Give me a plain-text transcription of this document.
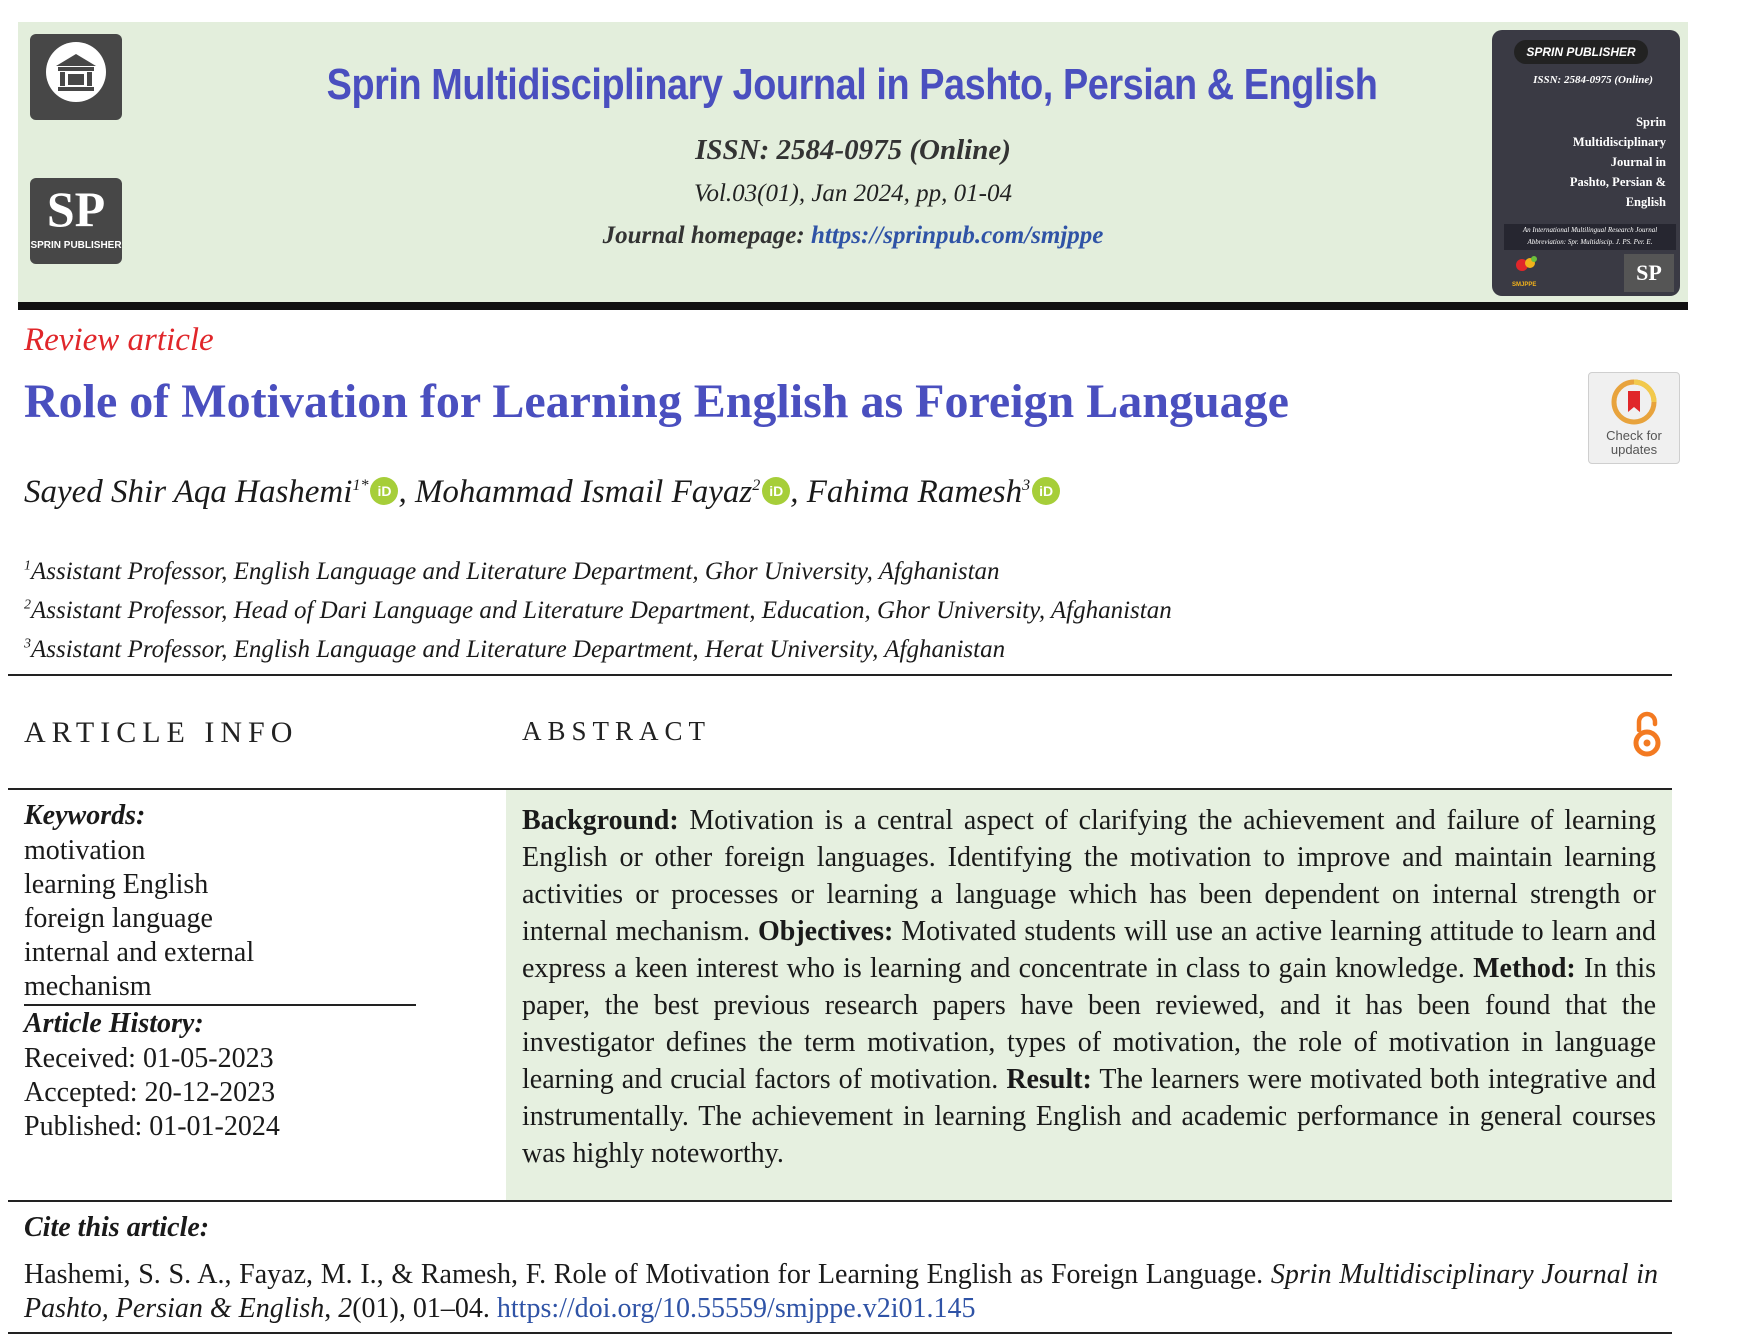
SP
SPRIN PUBLISHER
Sprin Multidisciplinary Journal in Pashto, Persian & English
ISSN: 2584-0975 (Online)
Vol.03(01), Jan 2024, pp, 01-04
Journal homepage: https://sprinpub.com/smjppe
SPRIN PUBLISHER
ISSN: 2584-0975 (Online)
Sprin
Multidisciplinary
Journal in
Pashto, Persian &
English
An International Multilingual Research Journal
Abbreviation: Spr. Multidiscip. J. PS. Per. E.
SMJPPE	SP
Review article
Role of Motivation for Learning English as Foreign Language
Check for updates
Sayed Shir Aqa Hashemi$^{1*}$ iD , Mohammad Ismail Fayaz$^2$ iD , Fahima Ramesh$^3$ iD
$^1$Assistant Professor, English Language and Literature Department, Ghor University, Afghanistan
$^2$Assistant Professor, Head of Dari Language and Literature Department, Education, Ghor University, Afghanistan
$^3$Assistant Professor, English Language and Literature Department, Herat University, Afghanistan
ARTICLE INFO	ABSTRACT
Keywords:
motivation
learning English
foreign language
internal and external mechanism
Article History:
Received: 01-05-2023
Accepted: 20-12-2023
Published: 01-01-2024
Background: Motivation is a central aspect of clarifying the achievement and failure of learning English or other foreign languages. Identifying the motivation to improve and maintain learning activities or processes or learning a language which has been dependent on internal strength or internal mechanism. Objectives: Motivated students will use an active learning attitude to learn and express a keen interest who is learning and concentrate in class to gain knowledge. Method: In this paper, the best previous research papers have been reviewed, and it has been found that the investigator defines the term motivation, types of motivation, the role of motivation in language learning and crucial factors of motivation. Result: The learners were motivated both integrative and instrumentally. The achievement in learning English and academic performance in general courses was highly noteworthy.
Cite this article:
Hashemi, S. S. A., Fayaz, M. I., & Ramesh, F. Role of Motivation for Learning English as Foreign Language. Sprin Multidisciplinary Journal in Pashto, Persian & English, 2(01), 01–04. https://doi.org/10.55559/smjppe.v2i01.145
